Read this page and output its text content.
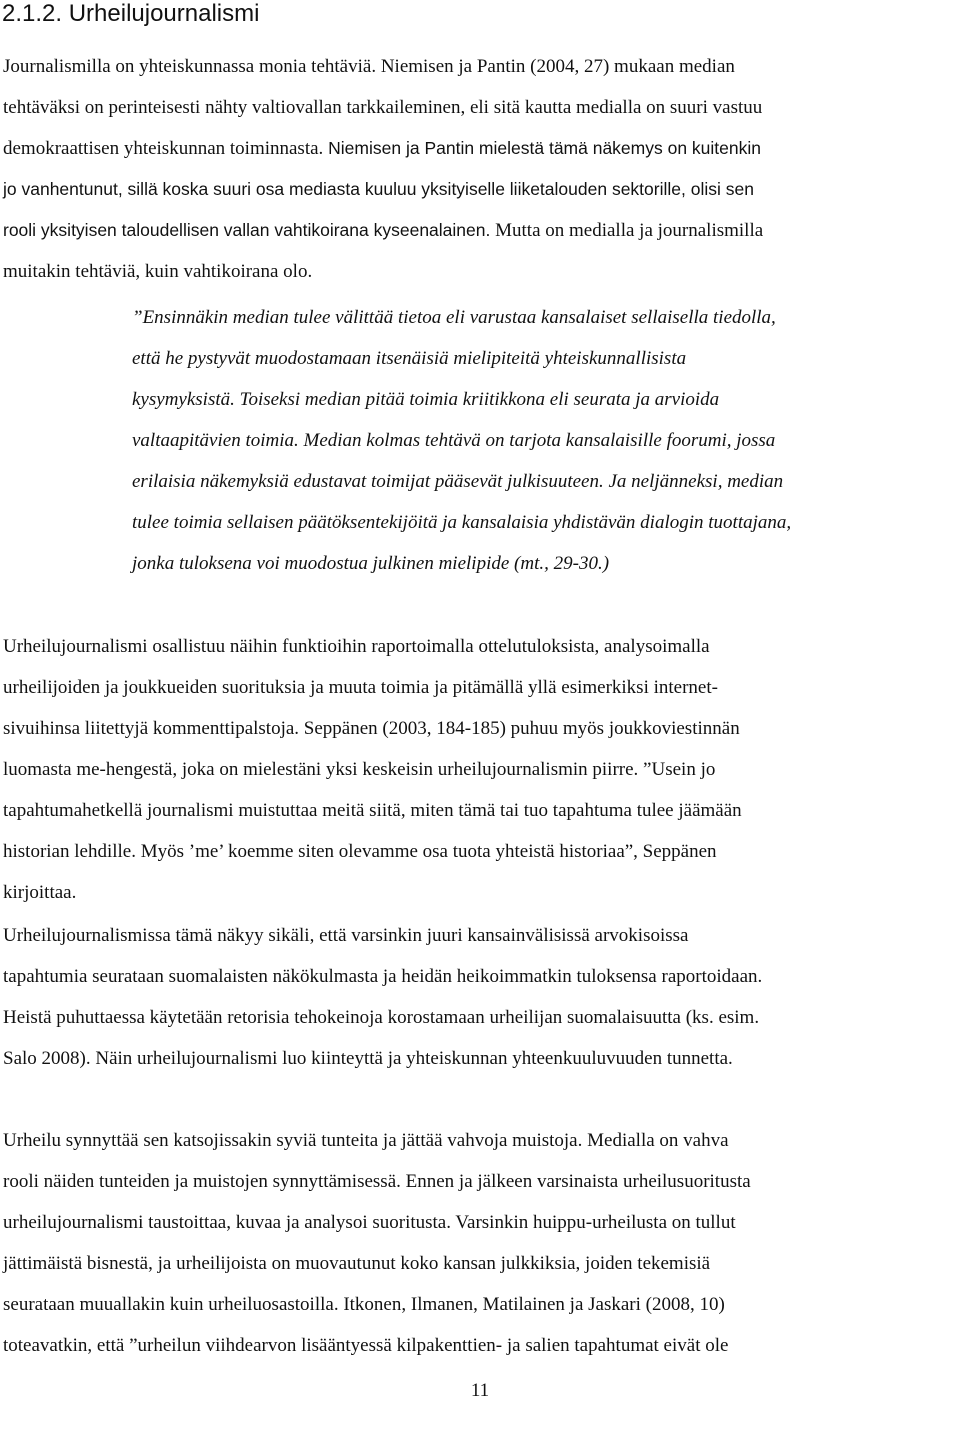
2.1.2. Urheilujournalismi
Journalismilla on yhteiskunnassa monia tehtäviä. Niemisen ja Pantin (2004, 27) mukaan median
tehtäväksi on perinteisesti nähty valtiovallan tarkkaileminen, eli sitä kautta medialla on suuri vastuu
demokraattisen yhteiskunnan toiminnasta. Niemisen ja Pantin mielestä tämä näkemys on kuitenkin
jo vanhentunut, sillä koska suuri osa mediasta kuuluu yksityiselle liiketalouden sektorille, olisi sen
rooli yksityisen taloudellisen vallan vahtikoirana kyseenalainen. Mutta on medialla ja journalismilla
muitakin tehtäviä, kuin vahtikoirana olo.
”Ensinnäkin median tulee välittää tietoa eli varustaa kansalaiset sellaisella tiedolla,
että he pystyvät muodostamaan itsenäisiä mielipiteitä yhteiskunnallisista
kysymyksistä. Toiseksi median pitää toimia kriitikkona eli seurata ja arvioida
valtaapitävien toimia. Median kolmas tehtävä on tarjota kansalaisille foorumi, jossa
erilaisia näkemyksiä edustavat toimijat pääsevät julkisuuteen. Ja neljänneksi, median
tulee toimia sellaisen päätöksentekijöitä ja kansalaisia yhdistävän dialogin tuottajana,
jonka tuloksena voi muodostua julkinen mielipide (mt., 29-30.)
Urheilujournalismi osallistuu näihin funktioihin raportoimalla ottelutuloksista, analysoimalla
urheilijoiden ja joukkueiden suorituksia ja muuta toimia ja pitämällä yllä esimerkiksi internet-
sivuihinsa liitettyjä kommenttipalstoja. Seppänen (2003, 184-185) puhuu myös joukkoviestinnän
luomasta me-hengestä, joka on mielestäni yksi keskeisin urheilujournalismin piirre. ”Usein jo
tapahtumahetkellä journalismi muistuttaa meitä siitä, miten tämä tai tuo tapahtuma tulee jäämään
historian lehdille. Myös ’me’ koemme siten olevamme osa tuota yhteistä historiaa”, Seppänen
kirjoittaa.
Urheilujournalismissa tämä näkyy sikäli, että varsinkin juuri kansainvälisissä arvokisoissa
tapahtumia seurataan suomalaisten näkökulmasta ja heidän heikoimmatkin tuloksensa raportoidaan.
Heistä puhuttaessa käytetään retorisia tehokeinoja korostamaan urheilijan suomalaisuutta (ks. esim.
Salo 2008). Näin urheilujournalismi luo kiinteyttä ja yhteiskunnan yhteenkuuluvuuden tunnetta.
Urheilu synnyttää sen katsojissakin syviä tunteita ja jättää vahvoja muistoja. Medialla on vahva
rooli näiden tunteiden ja muistojen synnyttämisessä. Ennen ja jälkeen varsinaista urheilusuoritusta
urheilujournalismi taustoittaa, kuvaa ja analysoi suoritusta. Varsinkin huippu-urheilusta on tullut
jättimäistä bisnestä, ja urheilijoista on muovautunut koko kansan julkkiksia, joiden tekemisiä
seurataan muuallakin kuin urheiluosastoilla. Itkonen, Ilmanen, Matilainen ja Jaskari (2008, 10)
toteavatkin, että ”urheilun viihdearvon lisääntyessä kilpakenttien- ja salien tapahtumat eivät ole
11
